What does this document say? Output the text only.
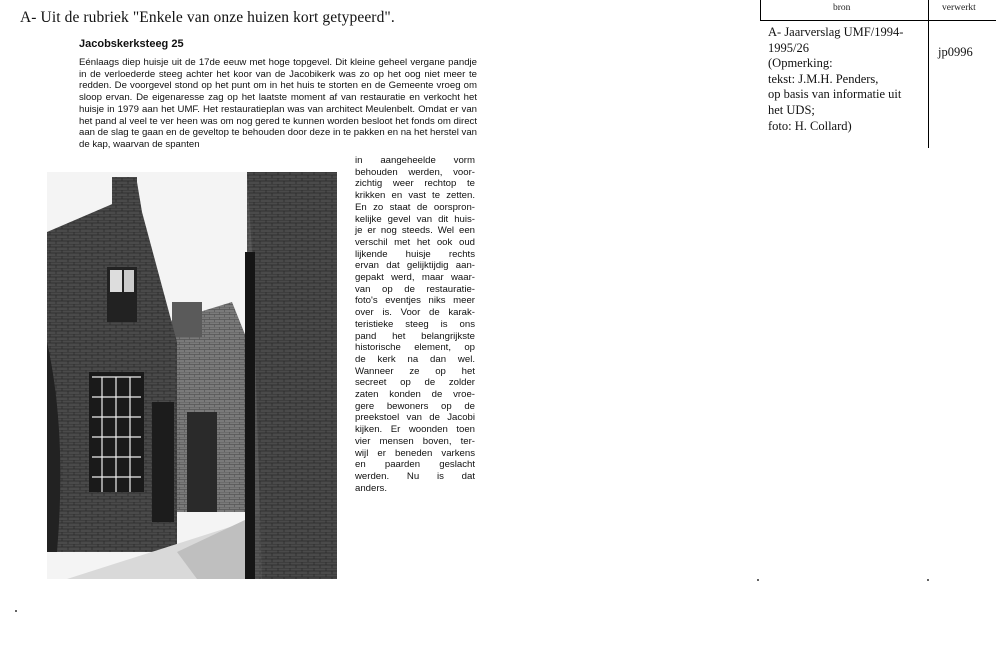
A- Uit de rubriek "Enkele van onze huizen kort getypeerd".
Jacobskerksteeg 25

Eénlaags diep huisje uit de 17de eeuw met hoge topgevel. Dit kleine geheel vergane pandje in de verloederde steeg achter het koor van de Jacobikerk was zo op het oog niet meer te redden. De voorgevel stond op het punt om in het huis te storten en de Gemeente vroeg om sloop ervan. De eigenaresse zag op het laatste moment af van restauratie en verkocht het huisje in 1979 aan het UMF. Het restauratieplan was van architect Meulenbelt. Omdat er van het pand al veel te ver heen was om nog gered te kunnen worden besloot het fonds om direct aan de slag te gaan en de geveltop te behouden door deze in te pakken en na het herstel van de kap, waarvan de spanten

in aangeheelde vorm
behouden werden, voor-
zichtig weer rechtop te
krikken en vast te zetten.
En zo staat de oorspron-
kelijke gevel van dit huis-
je er nog steeds. Wel een
verschil met het ook oud
lijkende huisje rechts
ervan dat gelijktijdig aan-
gepakt werd, maar waar-
van op de restauratie-
foto's eventjes niks meer
over is. Voor de karak-
teristieke steeg is ons
pand het belangrijkste
historische element, op
de kerk na dan wel.
Wanneer ze op het
secreet op de zolder
zaten konden de vroe-
gere bewoners op de
preekstoel van de Jacobi
kijken. Er woonden toen
vier mensen boven, ter-
wijl er beneden varkens
en paarden geslacht
werden. Nu is dat
anders.

bron	verwerkt

A- Jaarverslag UMF/1994-
1995/26
(Opmerking:
tekst: J.M.H. Penders,
op basis van informatie uit
het UDS;
foto: H. Collard)

jp0996
